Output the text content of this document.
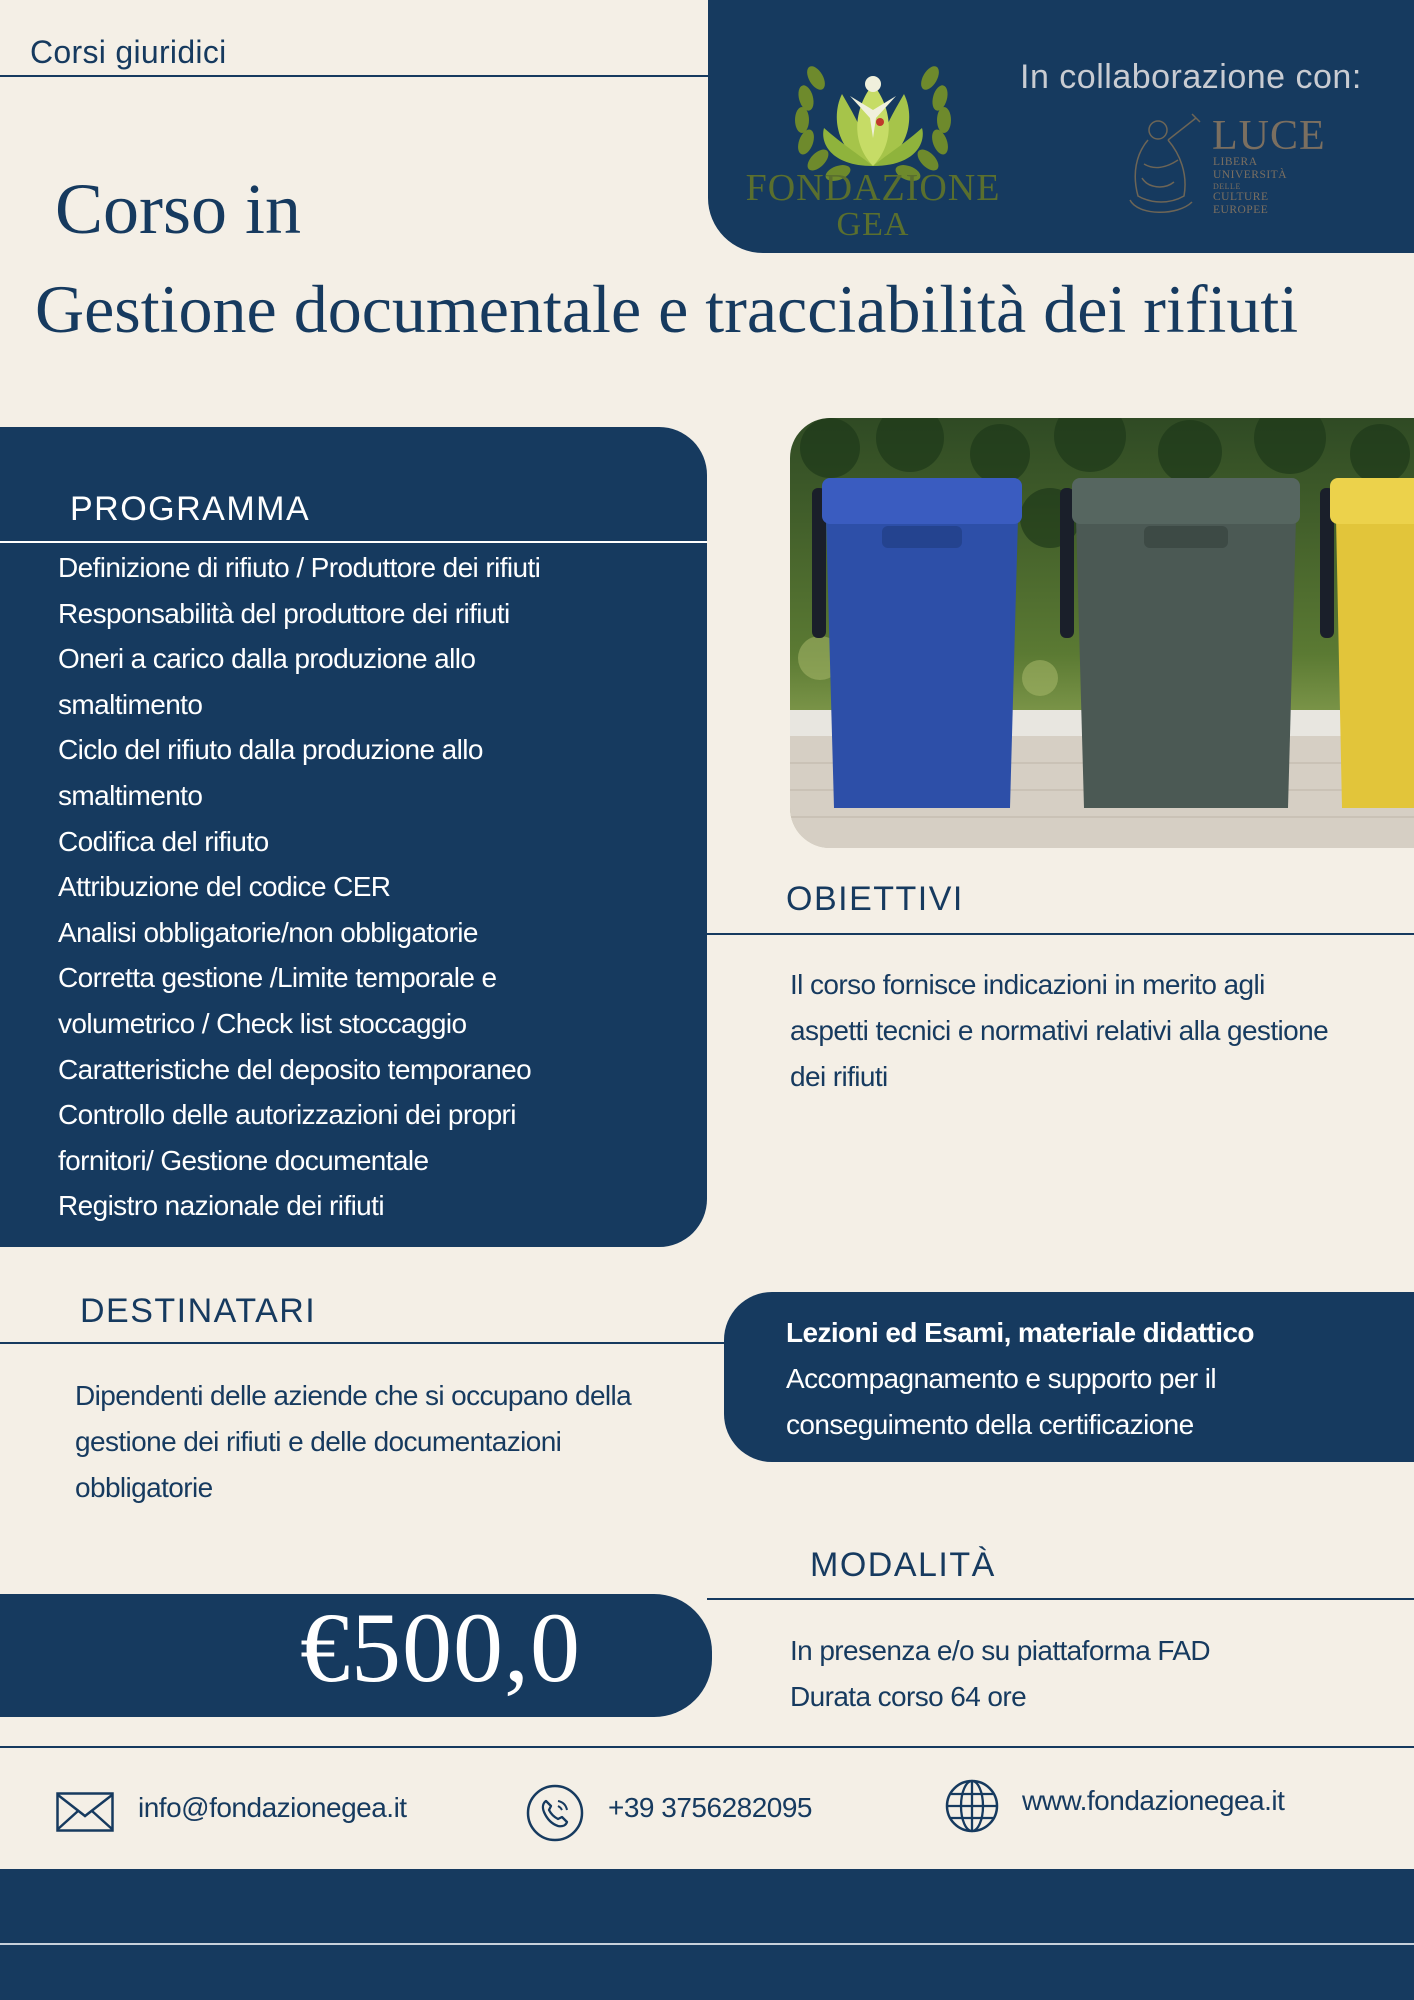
Corsi giuridici
FONDAZIONE
GEA
In collaborazione con:
LUCE
LIBERA
UNIVERSITÀ
DELLE
CULTURE
EUROPEE
Corso in
Gestione documentale e tracciabilità dei rifiuti
PROGRAMMA
Definizione di rifiuto / Produttore dei rifiuti
Responsabilità del produttore dei rifiuti
Oneri a carico dalla produzione allo
smaltimento
Ciclo del rifiuto dalla produzione allo
smaltimento
Codifica del rifiuto
Attribuzione del codice CER
Analisi obbligatorie/non obbligatorie
Corretta gestione /Limite temporale e
volumetrico / Check list stoccaggio
Caratteristiche del deposito temporaneo
Controllo delle autorizzazioni dei propri
fornitori/ Gestione documentale
Registro nazionale dei rifiuti
OBIETTIVI
Il corso fornisce indicazioni in merito agli aspetti tecnici e normativi relativi alla gestione dei rifiuti
DESTINATARI
Dipendenti delle aziende che si occupano della gestione dei rifiuti e delle documentazioni obbligatorie
Lezioni ed Esami, materiale didattico
Accompagnamento e supporto per il conseguimento della certificazione
MODALITÀ
In presenza e/o su piattaforma FAD
Durata corso 64 ore
€500,0
info@fondazionegea.it	+39 3756282095	www.fondazionegea.it
